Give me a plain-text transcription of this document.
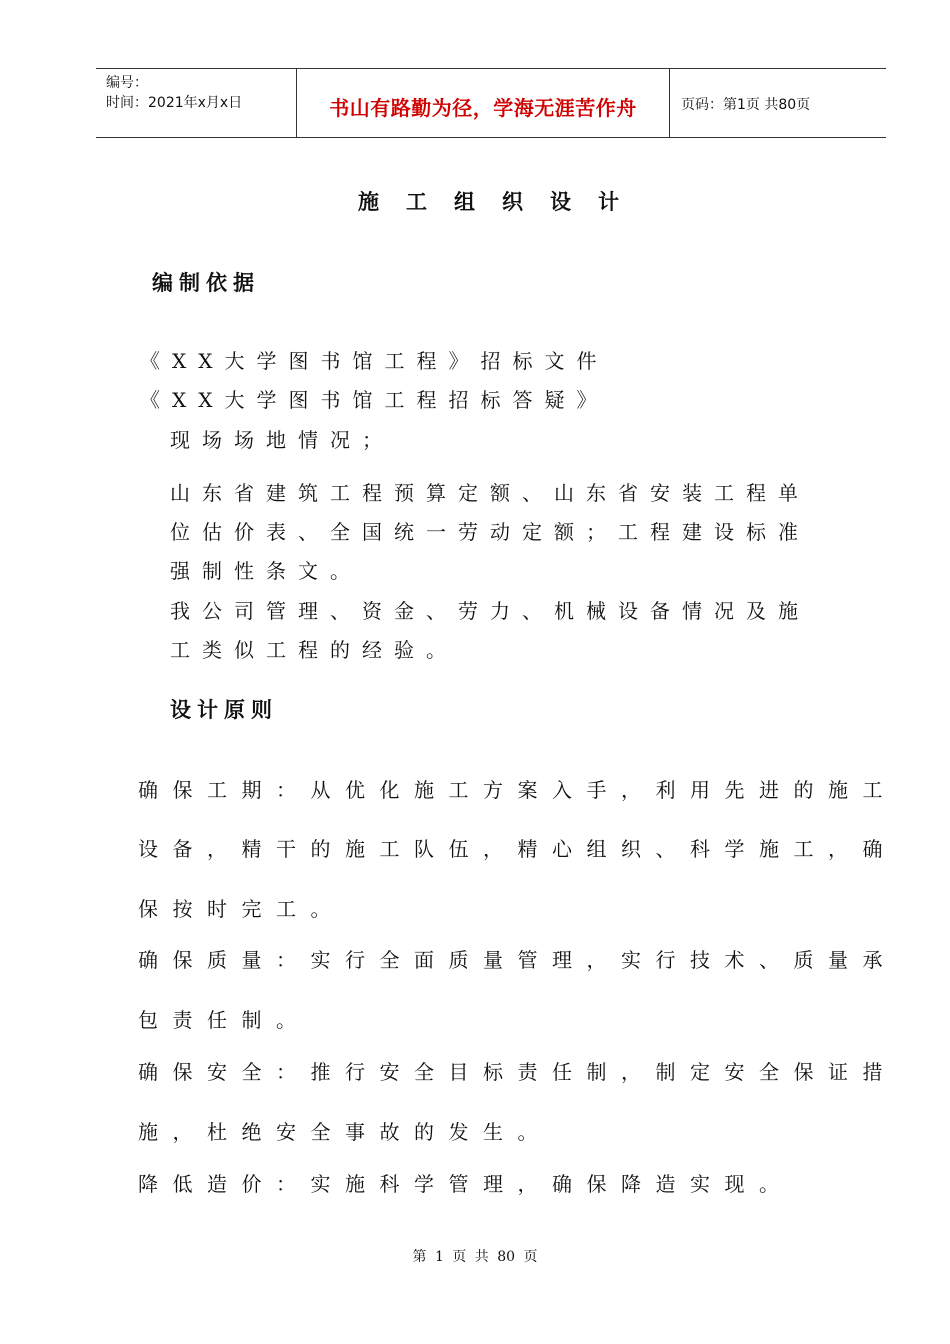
编号：
时间：2021年x月x日	书山有路勤为径，学海无涯苦作舟	页码：第1页 共80页
施工组织设计
编制依据
《XX大学图书馆工程》招标文件
《XX大学图书馆工程招标答疑》
现场场地情况；
山东省建筑工程预算定额、山东省安装工程单
位估价表、全国统一劳动定额；工程建设标准
强制性条文。
我公司管理、资金、劳力、机械设备情况及施
工类似工程的经验。
设计原则
确保工期：从优化施工方案入手，利用先进的施工
设备，精干的施工队伍，精心组织、科学施工，确
保按时完工。
确保质量：实行全面质量管理，实行技术、质量承
包责任制。
确保安全：推行安全目标责任制，制定安全保证措
施，杜绝安全事故的发生。
降低造价：实施科学管理，确保降造实现。
第 1 页 共 80 页
